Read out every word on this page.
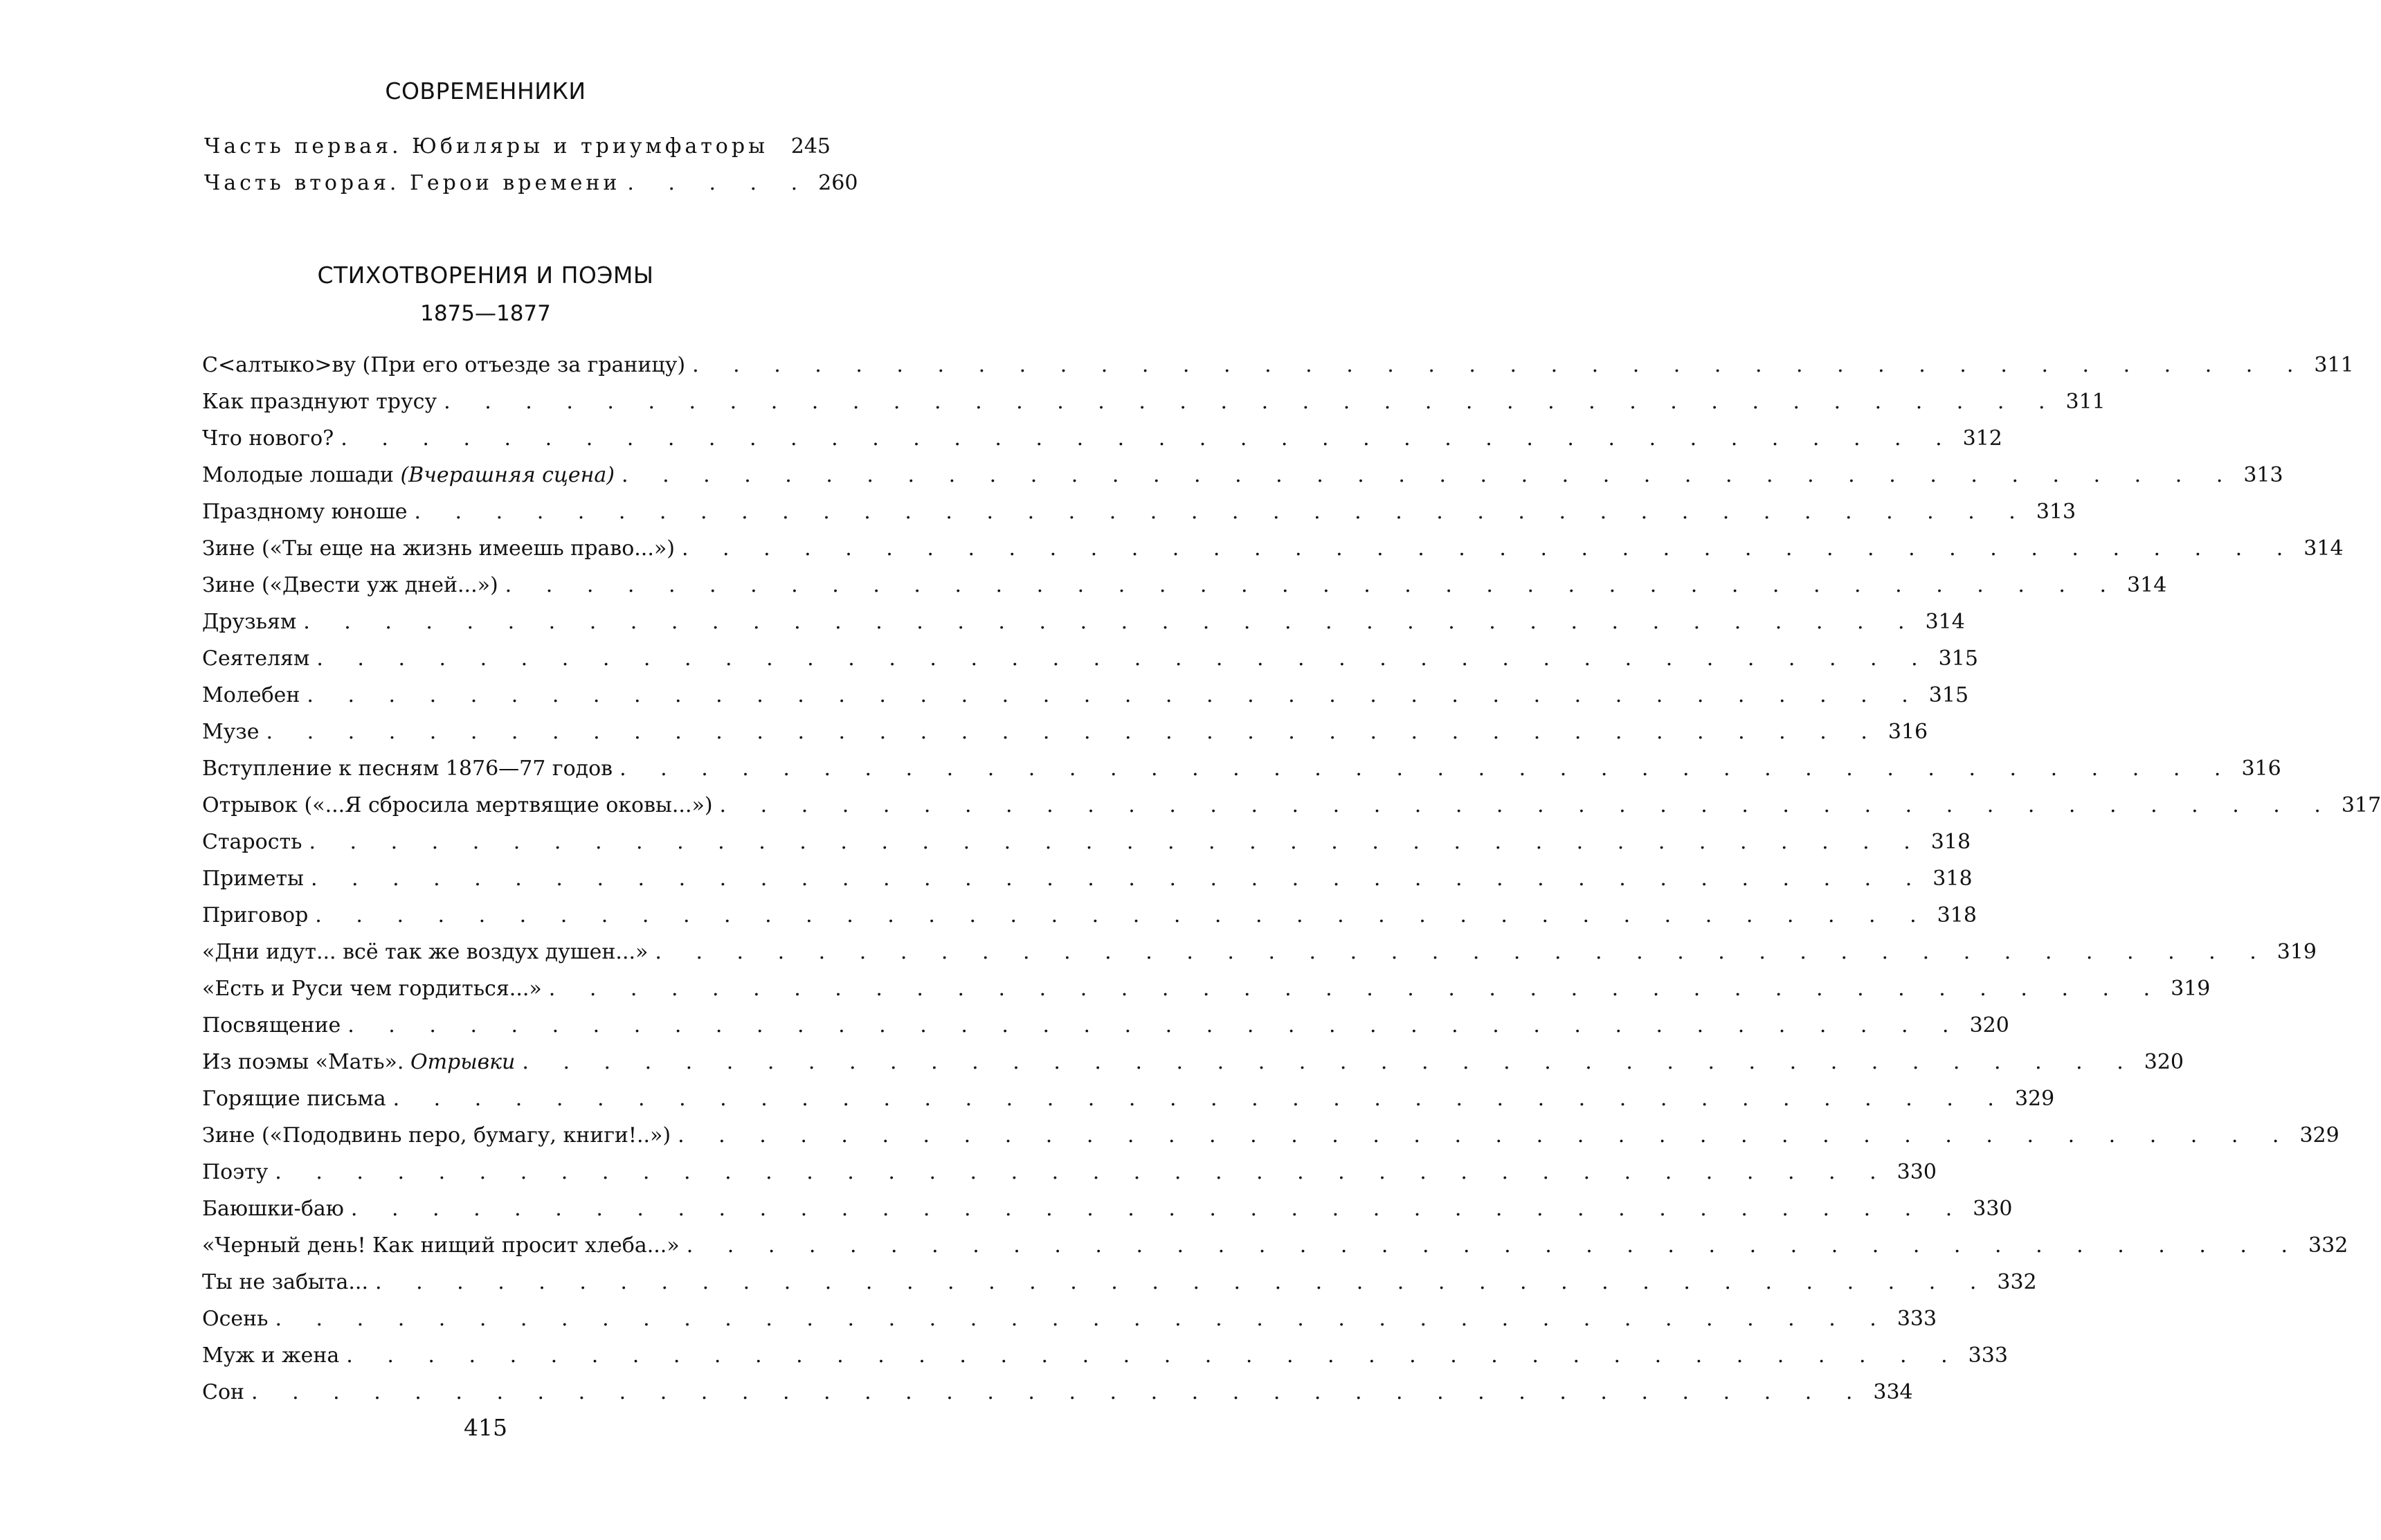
СОВРЕМЕННИКИ
Часть первая. Юбиляры и триумфаторы 245
Часть вторая. Герои времени . . . . . 260
СТИХОТВОРЕНИЯ И ПОЭМЫ
1875—1877
С<алтыко>ву (При его отъезде за границу) . . . . . . . . . . . . . . . . . . . . . . . . . . . . . . . . . . . . . . . . 311
Как празднуют трусу . . . . . . . . . . . . . . . . . . . . . . . . . . . . . . . . . . . . . . . . 311
Что нового? . . . . . . . . . . . . . . . . . . . . . . . . . . . . . . . . . . . . . . . . 312
Молодые лошади (Вчерашняя сцена) . . . . . . . . . . . . . . . . . . . . . . . . . . . . . . . . . . . . . . . . 313
Праздному юноше . . . . . . . . . . . . . . . . . . . . . . . . . . . . . . . . . . . . . . . . 313
Зине («Ты еще на жизнь имеешь право...») . . . . . . . . . . . . . . . . . . . . . . . . . . . . . . . . . . . . . . . . 314
Зине («Двести уж дней...») . . . . . . . . . . . . . . . . . . . . . . . . . . . . . . . . . . . . . . . . 314
Друзьям . . . . . . . . . . . . . . . . . . . . . . . . . . . . . . . . . . . . . . . . 314
Сеятелям . . . . . . . . . . . . . . . . . . . . . . . . . . . . . . . . . . . . . . . . 315
Молебен . . . . . . . . . . . . . . . . . . . . . . . . . . . . . . . . . . . . . . . . 315
Музе . . . . . . . . . . . . . . . . . . . . . . . . . . . . . . . . . . . . . . . . 316
Вступление к песням 1876—77 годов . . . . . . . . . . . . . . . . . . . . . . . . . . . . . . . . . . . . . . . . 316
Отрывок («...Я сбросила мертвящие оковы...») . . . . . . . . . . . . . . . . . . . . . . . . . . . . . . . . . . . . . . . . 317
Старость . . . . . . . . . . . . . . . . . . . . . . . . . . . . . . . . . . . . . . . . 318
Приметы . . . . . . . . . . . . . . . . . . . . . . . . . . . . . . . . . . . . . . . . 318
Приговор . . . . . . . . . . . . . . . . . . . . . . . . . . . . . . . . . . . . . . . . 318
«Дни идут... всё так же воздух душен...» . . . . . . . . . . . . . . . . . . . . . . . . . . . . . . . . . . . . . . . . 319
«Есть и Руси чем гордиться...» . . . . . . . . . . . . . . . . . . . . . . . . . . . . . . . . . . . . . . . . 319
Посвящение . . . . . . . . . . . . . . . . . . . . . . . . . . . . . . . . . . . . . . . . 320
Из поэмы «Мать». Отрывки . . . . . . . . . . . . . . . . . . . . . . . . . . . . . . . . . . . . . . . . 320
Горящие письма . . . . . . . . . . . . . . . . . . . . . . . . . . . . . . . . . . . . . . . . 329
Зине («Пододвинь перо, бумагу, книги!..») . . . . . . . . . . . . . . . . . . . . . . . . . . . . . . . . . . . . . . . . 329
Поэту . . . . . . . . . . . . . . . . . . . . . . . . . . . . . . . . . . . . . . . . 330
Баюшки-баю . . . . . . . . . . . . . . . . . . . . . . . . . . . . . . . . . . . . . . . . 330
«Черный день! Как нищий просит хлеба...» . . . . . . . . . . . . . . . . . . . . . . . . . . . . . . . . . . . . . . . . 332
Ты не забыта... . . . . . . . . . . . . . . . . . . . . . . . . . . . . . . . . . . . . . . . . 332
Осень . . . . . . . . . . . . . . . . . . . . . . . . . . . . . . . . . . . . . . . . 333
Муж и жена . . . . . . . . . . . . . . . . . . . . . . . . . . . . . . . . . . . . . . . . 333
Сон . . . . . . . . . . . . . . . . . . . . . . . . . . . . . . . . . . . . . . . . 334
415
